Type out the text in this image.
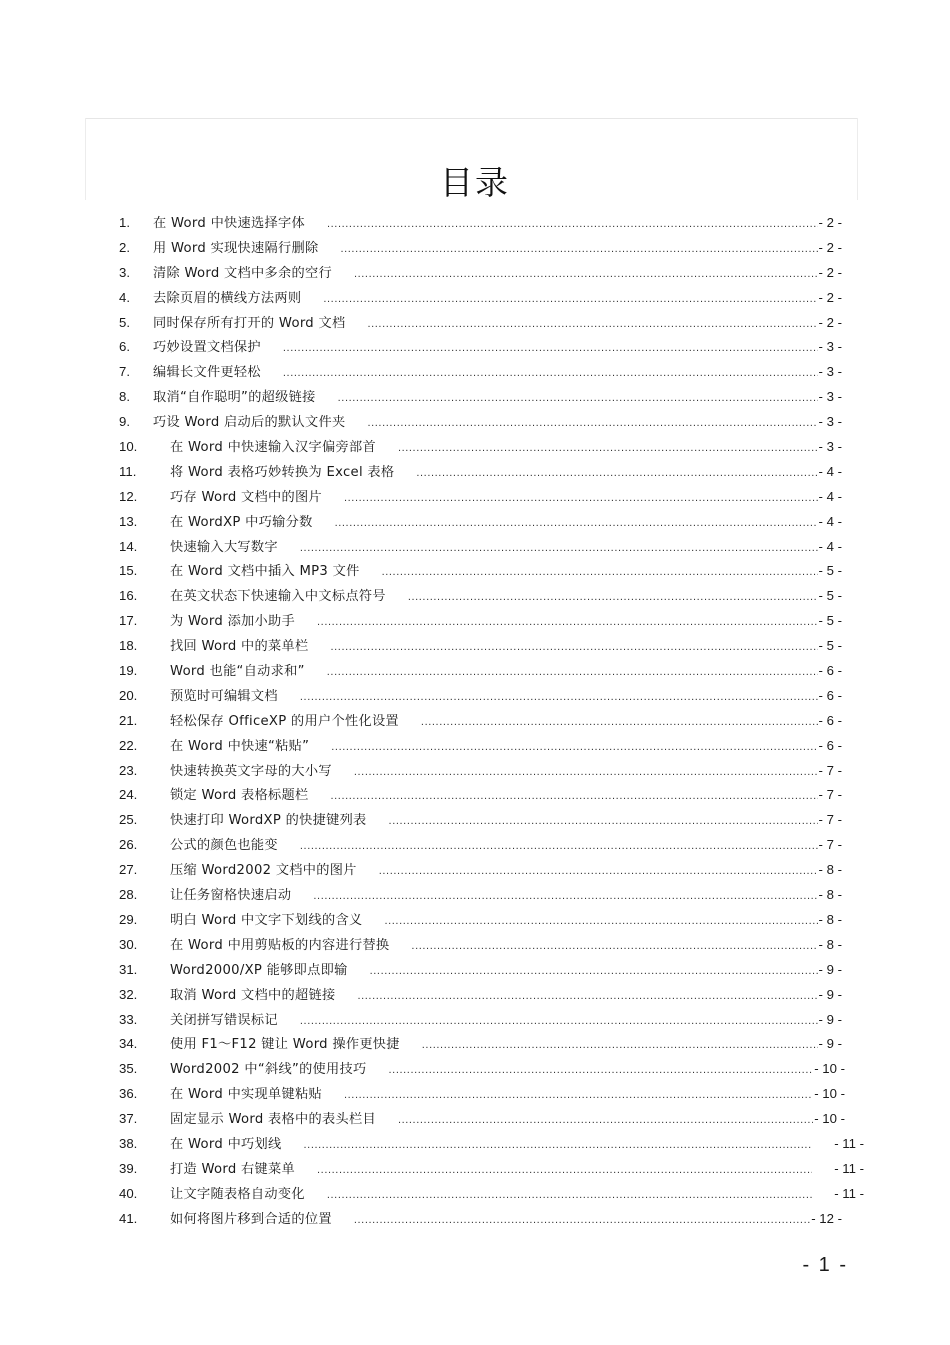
目录
1. 在 Word 中快速选择字体 .....	- 2 -
2. 用 Word 实现快速隔行删除 .....	- 2 -
3. 清除 Word 文档中多余的空行 .....	- 2 -
4. 去除页眉的横线方法两则 .....	- 2 -
5. 同时保存所有打开的 Word 文档 .....	- 2 -
6. 巧妙设置文档保护 .....	- 3 -
7. 编辑长文件更轻松 .....	- 3 -
8. 取消“自作聪明”的超级链接 .....	- 3 -
9. 巧设 Word 启动后的默认文件夹 .....	- 3 -
10. 在 Word 中快速输入汉字偏旁部首 .....	- 3 -
11.	将 Word 表格巧妙转换为 Excel 表格 .....	- 4 -
12. 巧存 Word 文档中的图片 .....	- 4 -
13. 在 WordXP 中巧输分数 .....	- 4 -
14. 快速输入大写数字 .....	- 4 -
15. 在 Word 文档中插入 MP3 文件 .....	- 5 -
16. 在英文状态下快速输入中文标点符号 .....	- 5 -
17. 为 Word 添加小助手 .....	- 5 -
18. 找回 Word 中的菜单栏 .....	- 5 -
19. Word 也能“自动求和” .....	- 6 -
20. 预览时可编辑文档 .....	- 6 -
21. 轻松保存 OfficeXP 的用户个性化设置 .....	- 6 -
22. 在 Word 中快速“粘贴” .....	- 6 -
23. 快速转换英文字母的大小写 .....	- 7 -
24. 锁定 Word 表格标题栏 .....	- 7 -
25. 快速打印 WordXP 的快捷键列表 .....	- 7 -
26. 公式的颜色也能变 .....	- 7 -
27. 压缩 Word2002 文档中的图片 .....	- 8 -
28. 让任务窗格快速启动 .....	- 8 -
29. 明白 Word 中文字下划线的含义 .....	- 8 -
30. 在 Word 中用剪贴板的内容进行替换 .....	- 8 -
31. Word2000/XP 能够即点即输 .....	- 9 -
32. 取消 Word 文档中的超链接 .....	- 9 -
33. 关闭拼写错误标记 .....	- 9 -
34. 使用 F1～F12 键让 Word 操作更快捷 .....	- 9 -
35. Word2002 中“斜线”的使用技巧 .....	- 10 -
36. 在 Word 中实现单键粘贴 .....	- 10 -
37. 固定显示 Word 表格中的表头栏目 .....	- 10 -
38. 在 Word 中巧划线 .....	- 11 -
39. 打造 Word 右键菜单 .....	- 11 -
40. 让文字随表格自动变化 .....	- 11 -
41. 如何将图片移到合适的位置 .....	- 12 -
- 1 -
